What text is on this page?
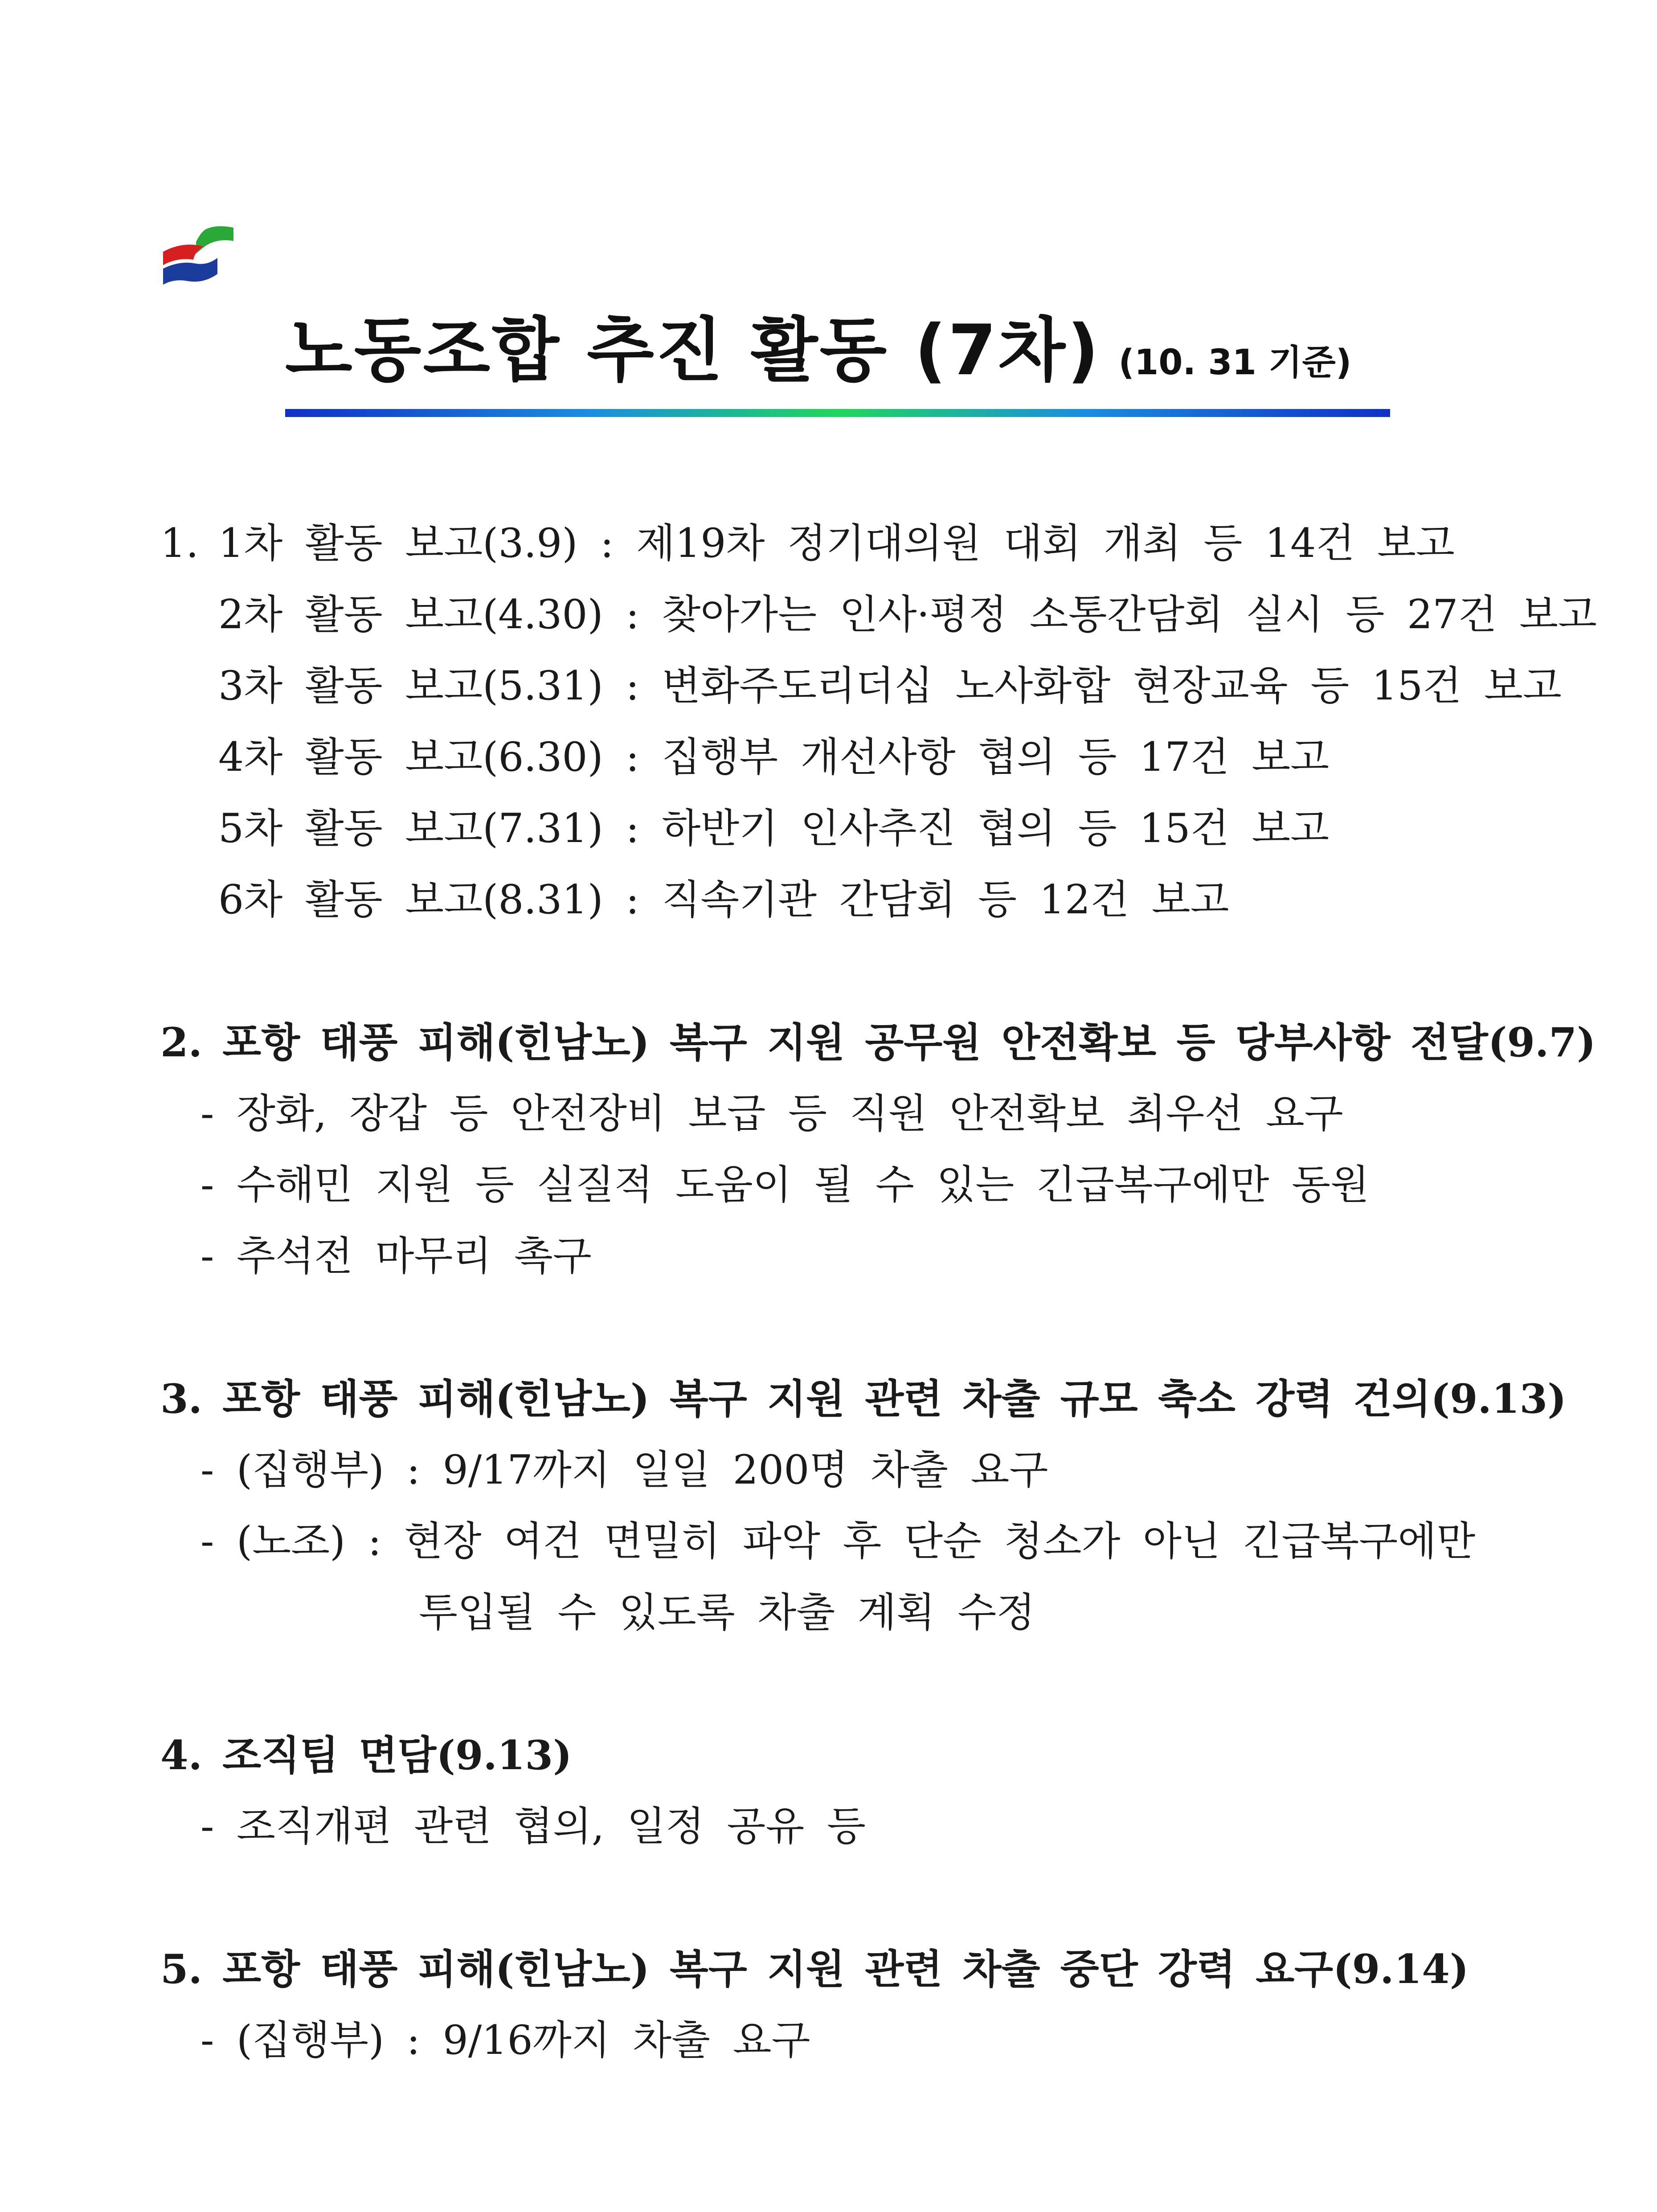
노동조합 추진 활동 (7차) (10. 31 기준)
1. 1차 활동 보고(3.9) : 제19차 정기대의원 대회 개최 등 14건 보고
2차 활동 보고(4.30) : 찾아가는 인사·평정 소통간담회 실시 등 27건 보고
3차 활동 보고(5.31) : 변화주도리더십 노사화합 현장교육 등 15건 보고
4차 활동 보고(6.30) : 집행부 개선사항 협의 등 17건 보고
5차 활동 보고(7.31) : 하반기 인사추진 협의 등 15건 보고
6차 활동 보고(8.31) : 직속기관 간담회 등 12건 보고
2. 포항 태풍 피해(힌남노) 복구 지원 공무원 안전확보 등 당부사항 전달(9.7)
- 장화, 장갑 등 안전장비 보급 등 직원 안전확보 최우선 요구
- 수해민 지원 등 실질적 도움이 될 수 있는 긴급복구에만 동원
- 추석전 마무리 촉구
3. 포항 태풍 피해(힌남노) 복구 지원 관련 차출 규모 축소 강력 건의(9.13)
- (집행부) : 9/17까지 일일 200명 차출 요구
- (노조) : 현장 여건 면밀히 파악 후 단순 청소가 아닌 긴급복구에만
투입될 수 있도록 차출 계획 수정
4. 조직팀 면담(9.13)
- 조직개편 관련 협의, 일정 공유 등
5. 포항 태풍 피해(힌남노) 복구 지원 관련 차출 중단 강력 요구(9.14)
- (집행부) : 9/16까지 차출 요구
